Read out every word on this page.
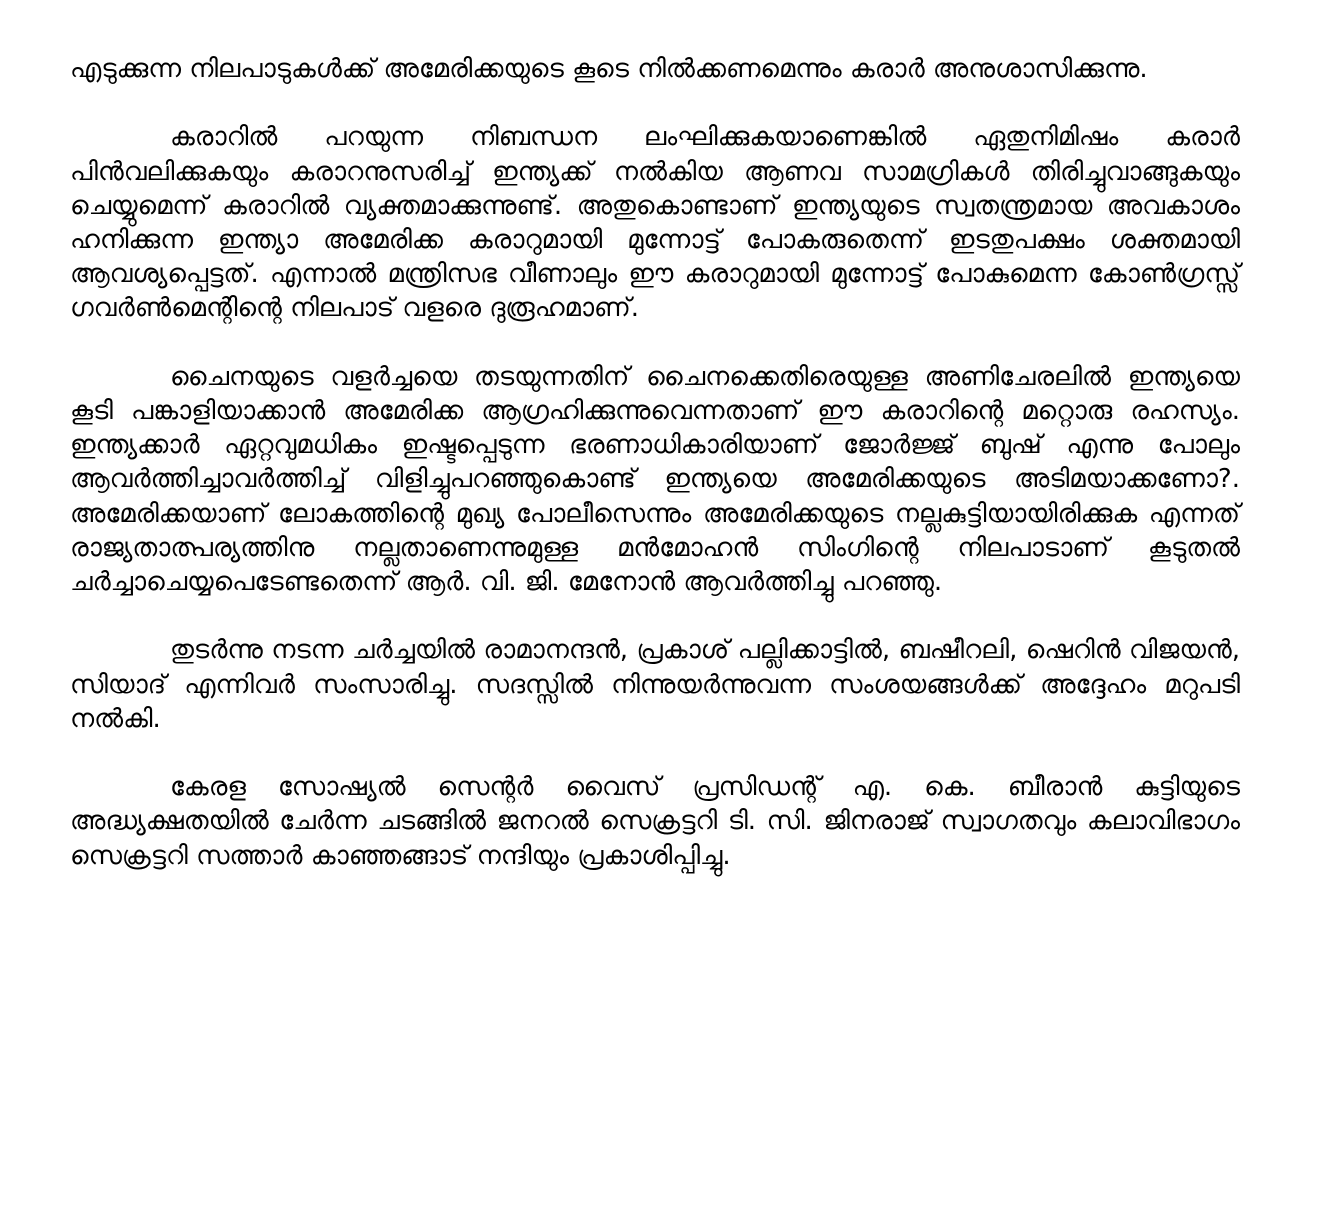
എടുക്കുന്ന നിലപാടുകൾക്ക് അമേരിക്കയുടെ കൂടെ നിൽക്കണമെന്നും കരാർ അനുശാസിക്കുന്നു.

കരാറിൽ പറയുന്ന നിബന്ധന ലംഘിക്കുകയാണെങ്കിൽ ഏതുനിമിഷം കരാർ പിൻവലിക്കുകയും കരാറനുസരിച്ച് ഇന്ത്യക്ക് നൽകിയ ആണവ സാമഗ്രികൾ തിരിച്ചുവാങ്ങുകയും ചെയ്യുമെന്ന് കരാറിൽ വ്യക്തമാക്കുന്നുണ്ട്. അതുകൊണ്ടാണ് ഇന്ത്യയുടെ സ്വതന്ത്രമായ അവകാശം ഹനിക്കുന്ന ഇന്ത്യാ അമേരിക്ക കരാറുമായി മുന്നോട്ട് പോകരുതെന്ന് ഇടതുപക്ഷം ശക്തമായി ആവശ്യപ്പെട്ടത്. എന്നാൽ മന്ത്രിസഭ വീണാലും ഈ കരാറുമായി മുന്നോട്ട് പോകുമെന്ന കോൺഗ്രസ്സ് ഗവർൺമെന്റിന്റെ നിലപാട് വളരെ ദുരൂഹമാണ്.

ചൈനയുടെ വളർച്ചയെ തടയുന്നതിന് ചൈനക്കെതിരെയുള്ള അണിചേരലിൽ ഇന്ത്യയെ കൂടി പങ്കാളിയാക്കാൻ അമേരിക്ക ആഗ്രഹിക്കുന്നുവെന്നതാണ് ഈ കരാറിന്റെ മറ്റൊരു രഹസ്യം. ഇന്ത്യക്കാർ ഏറ്റവുമധികം ഇഷ്ടപ്പെടുന്ന ഭരണാധികാരിയാണ് ജോർജ്ജ് ബുഷ് എന്നു പോലും ആവർത്തിച്ചാവർത്തിച്ച് വിളിച്ചുപറഞ്ഞുകൊണ്ട് ഇന്ത്യയെ അമേരിക്കയുടെ അടിമയാക്കണോ?. അമേരിക്കയാണ് ലോകത്തിന്റെ മുഖ്യ പോലീസെന്നും അമേരിക്കയുടെ നല്ലകുട്ടിയായിരിക്കുക എന്നത് രാജ്യതാത്പര്യത്തിനു നല്ലതാണെന്നുമുള്ള മൻമോഹൻ സിംഗിന്റെ നിലപാടാണ് കൂടുതൽ ചർച്ചാചെയ്യപെടേണ്ടതെന്ന് ആർ. വി. ജി. മേനോൻ ആവർത്തിച്ചു പറഞ്ഞു.

തുടർന്നു നടന്ന ചർച്ചയിൽ രാമാനന്ദൻ, പ്രകാശ് പല്ലിക്കാട്ടിൽ, ബഷീറലി, ഷെറിൻ വിജയൻ, സിയാദ് എന്നിവർ സംസാരിച്ചു. സദസ്സിൽ നിന്നുയർന്നുവന്ന സംശയങ്ങൾക്ക് അദ്ദേഹം മറുപടി നൽകി.

കേരള സോഷ്യൽ സെന്റർ വൈസ് പ്രസിഡന്റ് എ. കെ. ബീരാൻ കുട്ടിയുടെ അദ്ധ്യക്ഷതയിൽ ചേർന്ന ചടങ്ങിൽ ജനറൽ സെക്രട്ടറി ടി. സി. ജിനരാജ് സ്വാഗതവും കലാവിഭാഗം സെക്രട്ടറി സത്താർ കാഞ്ഞങ്ങാട് നന്ദിയും പ്രകാശിപ്പിച്ചു.
